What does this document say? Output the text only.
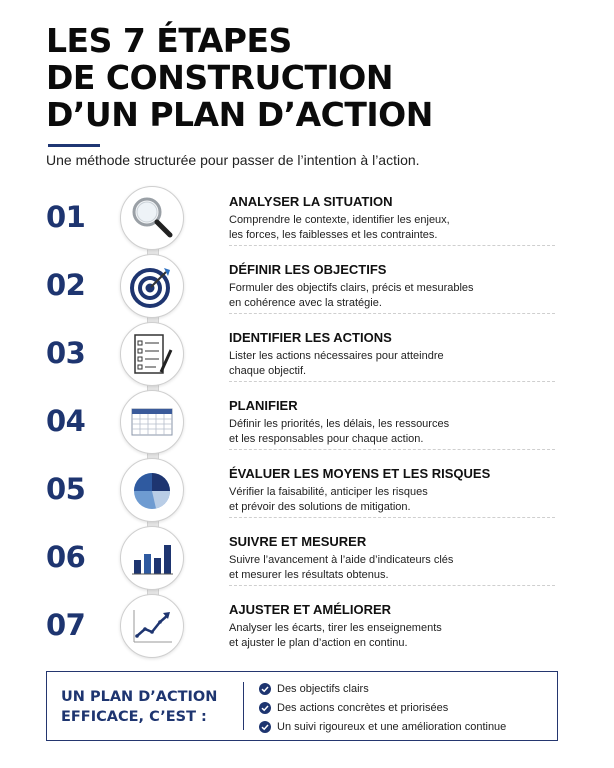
LES 7 ÉTAPES
DE CONSTRUCTION
D’UN PLAN D’ACTION
Une méthode structurée pour passer de l’intention à l’action.
01	ANALYSER LA SITUATION
Comprendre le contexte, identifier les enjeux,
les forces, les faiblesses et les contraintes.
02	DÉFINIR LES OBJECTIFS
Formuler des objectifs clairs, précis et mesurables
en cohérence avec la stratégie.
03	IDENTIFIER LES ACTIONS
Lister les actions nécessaires pour atteindre
chaque objectif.
04	PLANIFIER
Définir les priorités, les délais, les ressources
et les responsables pour chaque action.
05	ÉVALUER LES MOYENS ET LES RISQUES
Vérifier la faisabilité, anticiper les risques
et prévoir des solutions de mitigation.
06	SUIVRE ET MESURER
Suivre l’avancement à l’aide d’indicateurs clés
et mesurer les résultats obtenus.
07	AJUSTER ET AMÉLIORER
Analyser les écarts, tirer les enseignements
et ajuster le plan d’action en continu.
UN PLAN D’ACTION
EFFICACE, C’EST :
Des objectifs clairs
Des actions concrètes et priorisées
Un suivi rigoureux et une amélioration continue
